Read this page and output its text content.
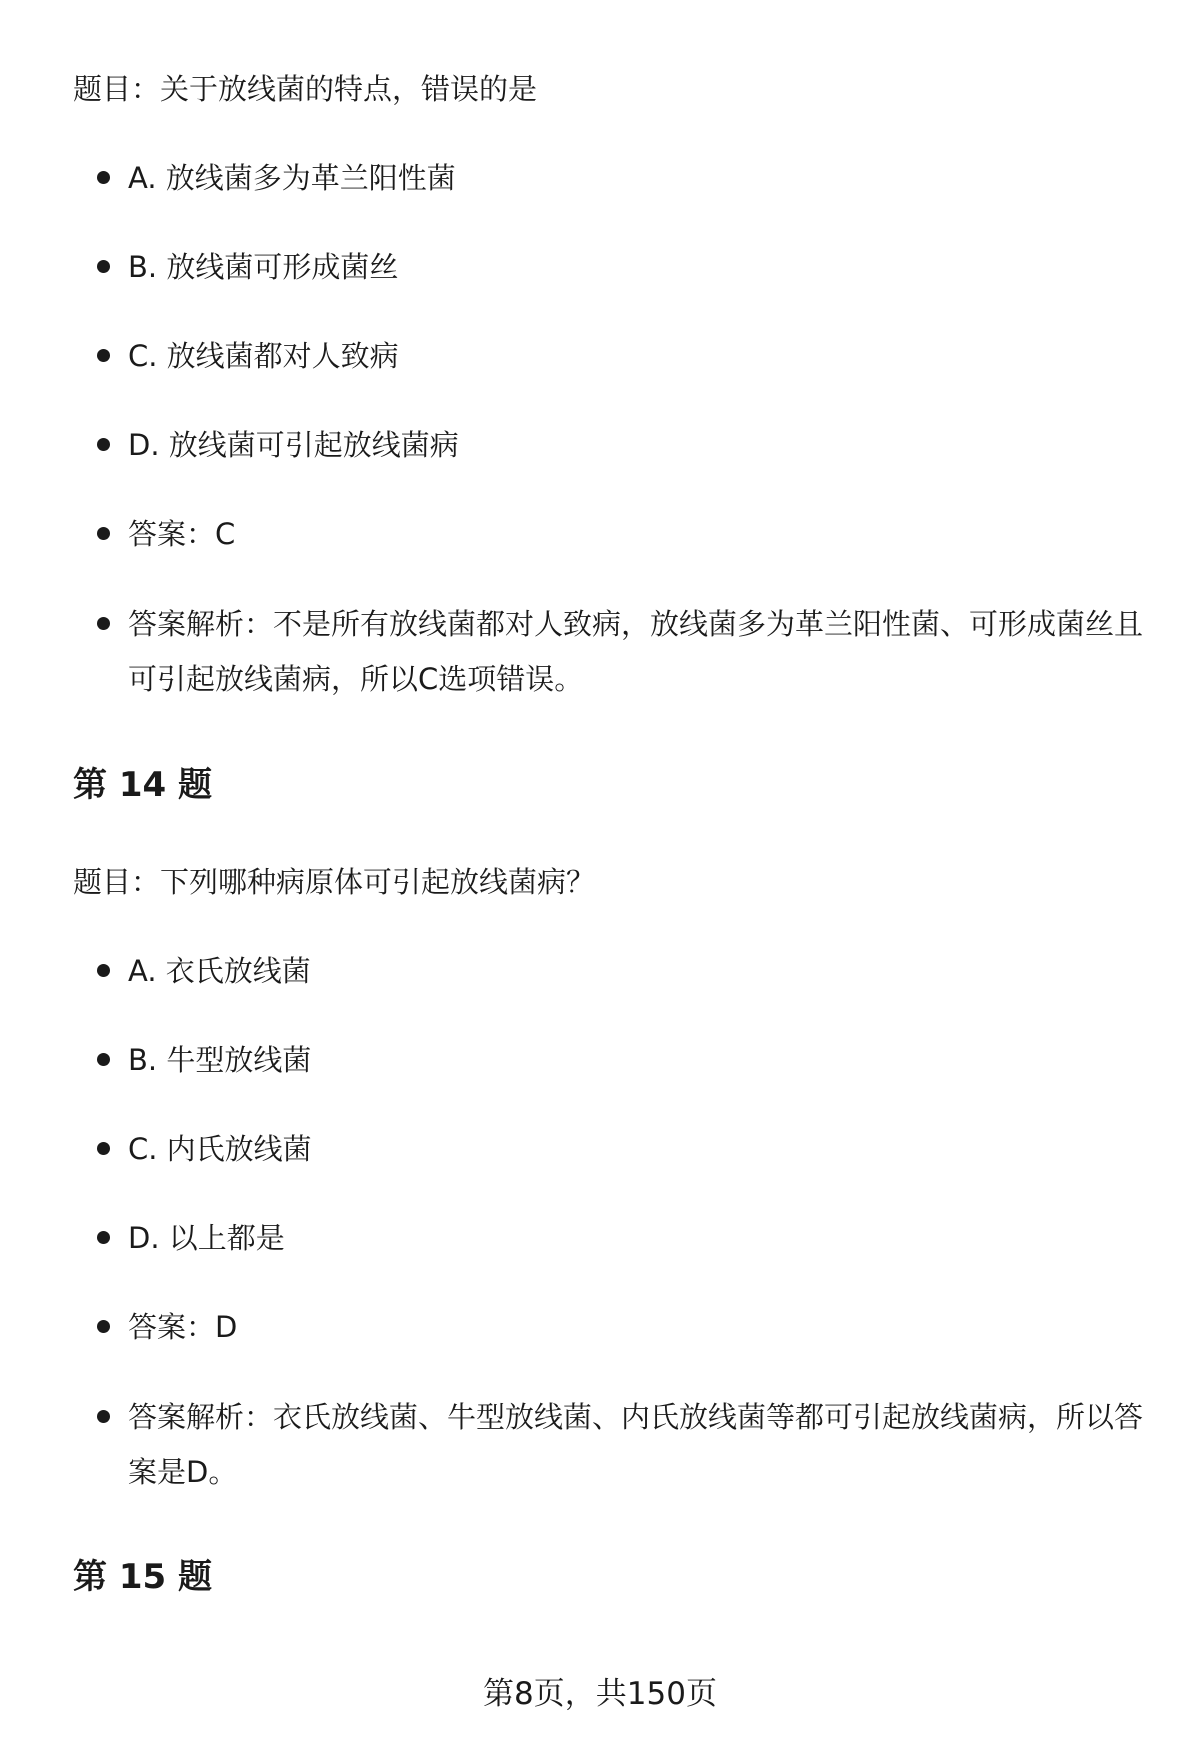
题目：关于放线菌的特点，错误的是
A. 放线菌多为革兰阳性菌
B. 放线菌可形成菌丝
C. 放线菌都对人致病
D. 放线菌可引起放线菌病
答案：C
答案解析：不是所有放线菌都对人致病，放线菌多为革兰阳性菌、可形成菌丝且可引起放线菌病，所以C选项错误。
第 14 题
题目：下列哪种病原体可引起放线菌病？
A. 衣氏放线菌
B. 牛型放线菌
C. 内氏放线菌
D. 以上都是
答案：D
答案解析：衣氏放线菌、牛型放线菌、内氏放线菌等都可引起放线菌病，所以答案是D。
第 15 题
第8页，共150页
